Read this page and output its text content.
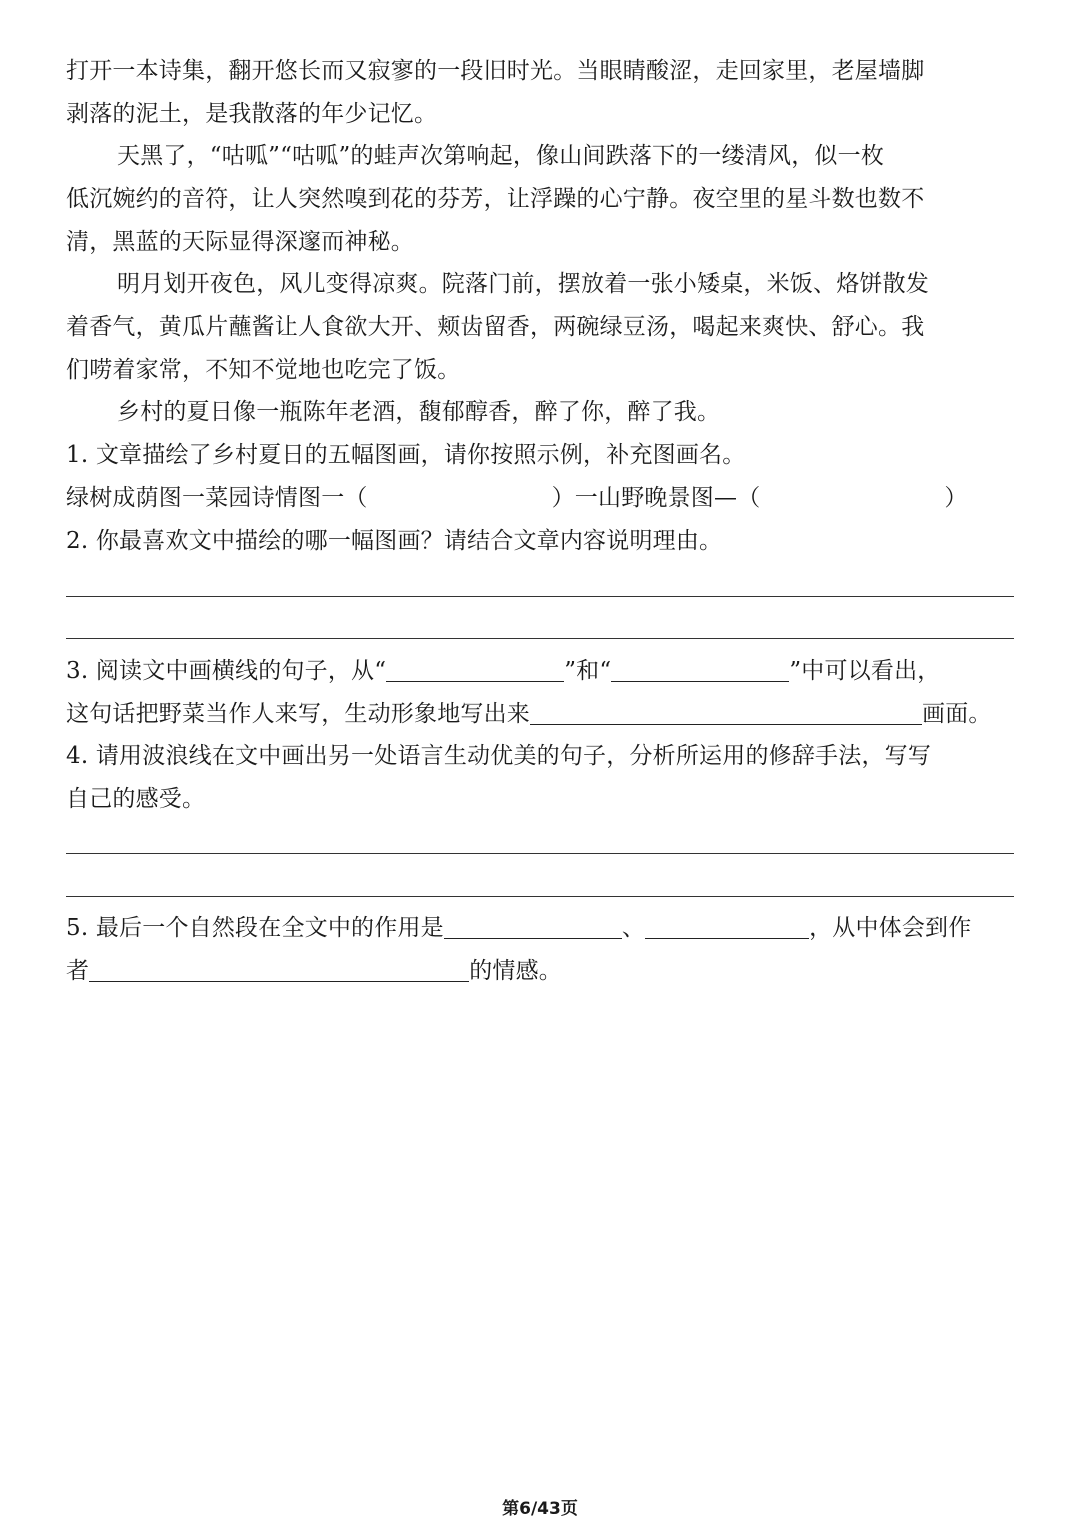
打开一本诗集，翻开悠长而又寂寥的一段旧时光。当眼睛酸涩，走回家里，老屋墙脚
剥落的泥土，是我散落的年少记忆。
天黑了，“咕呱”“咕呱”的蛙声次第响起，像山间跌落下的一缕清风，似一枚
低沉婉约的音符，让人突然嗅到花的芬芳，让浮躁的心宁静。夜空里的星斗数也数不
清，黑蓝的天际显得深邃而神秘。
明月划开夜色，风儿变得凉爽。院落门前，摆放着一张小矮桌，米饭、烙饼散发
着香气，黄瓜片蘸酱让人食欲大开、颊齿留香，两碗绿豆汤，喝起来爽快、舒心。我
们唠着家常，不知不觉地也吃完了饭。
乡村的夏日像一瓶陈年老酒，馥郁醇香，醉了你，醉了我。
1. 文章描绘了乡村夏日的五幅图画，请你按照示例，补充图画名。
绿树成荫图一菜园诗情图一（	）一山野晚景图—（	）
2. 你最喜欢文中描绘的哪一幅图画？请结合文章内容说明理由。
3. 阅读文中画横线的句子，从“	”和“	”中可以看出，
这句话把野菜当作人来写，生动形象地写出来	画面。
4. 请用波浪线在文中画出另一处语言生动优美的句子，分析所运用的修辞手法，写写
自己的感受。
5. 最后一个自然段在全文中的作用是	、	，从中体会到作
者	的情感。
第6/43页
